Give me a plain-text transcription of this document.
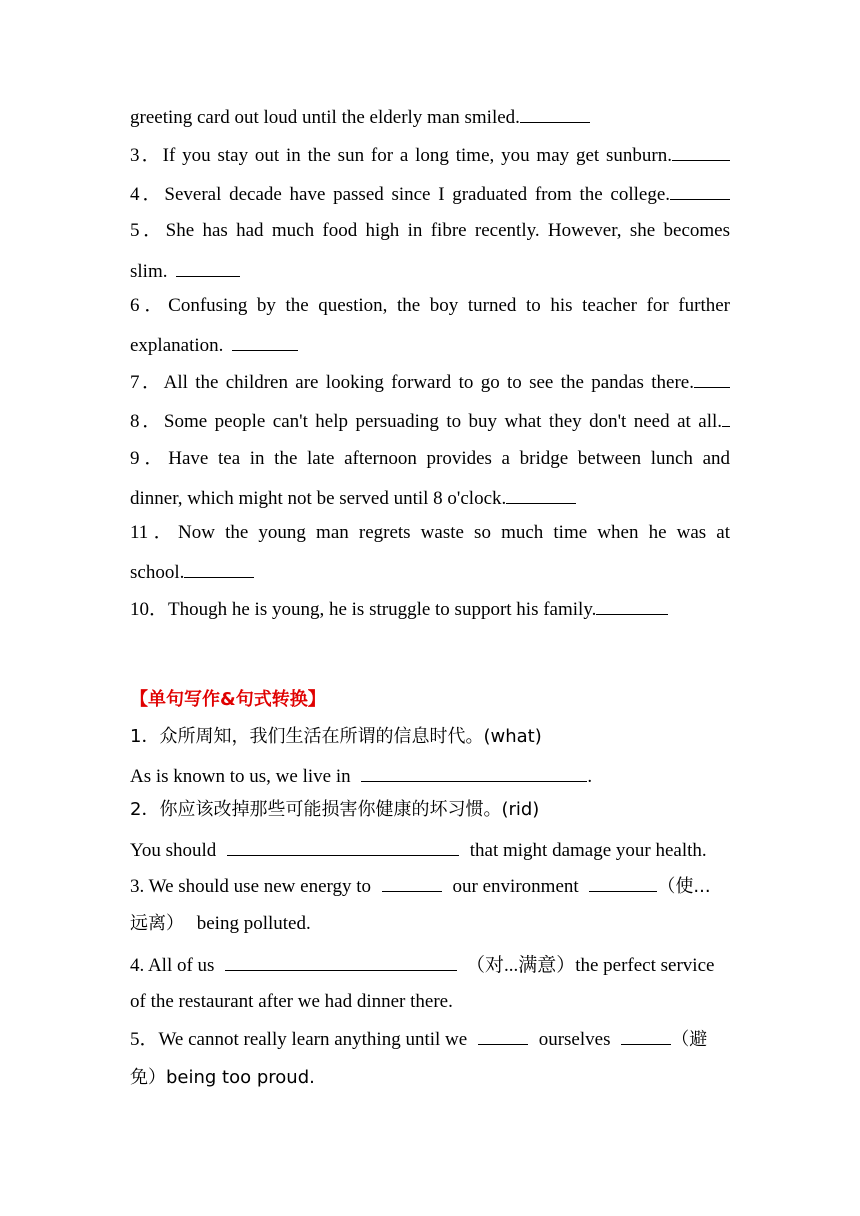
greeting card out loud until the elderly man smiled.
3．If you stay out in the sun for a long time, you may get sunburn.
4．Several decade have passed since I graduated from the college.
5．She has had much food high in fibre recently. However, she becomes
slim.
6．Confusing by the question, the boy turned to his teacher for further
explanation.
7．All the children are looking forward to go to see the pandas there.
8．Some people can't help persuading to buy what they don't need at all.
9．Have tea in the late afternoon provides a bridge between lunch and
dinner, which might not be served until 8 o'clock.
11．Now the young man regrets waste so much time when he was at
school.
10．Though he is young, he is struggle to support his family.
【单句写作&句式转换】
1．众所周知，我们生活在所谓的信息时代。(what)
As is known to us, we live in	.
2．你应该改掉那些可能损害你健康的坏习惯。(rid)
You should	that might damage your health.
3. We should use new energy to	our environment	（使...
远离） being polluted.
4. All of us	（对...满意）the perfect service
of the restaurant after we had dinner there.
5．We cannot really learn anything until we	ourselves	（避
免）being too proud.
